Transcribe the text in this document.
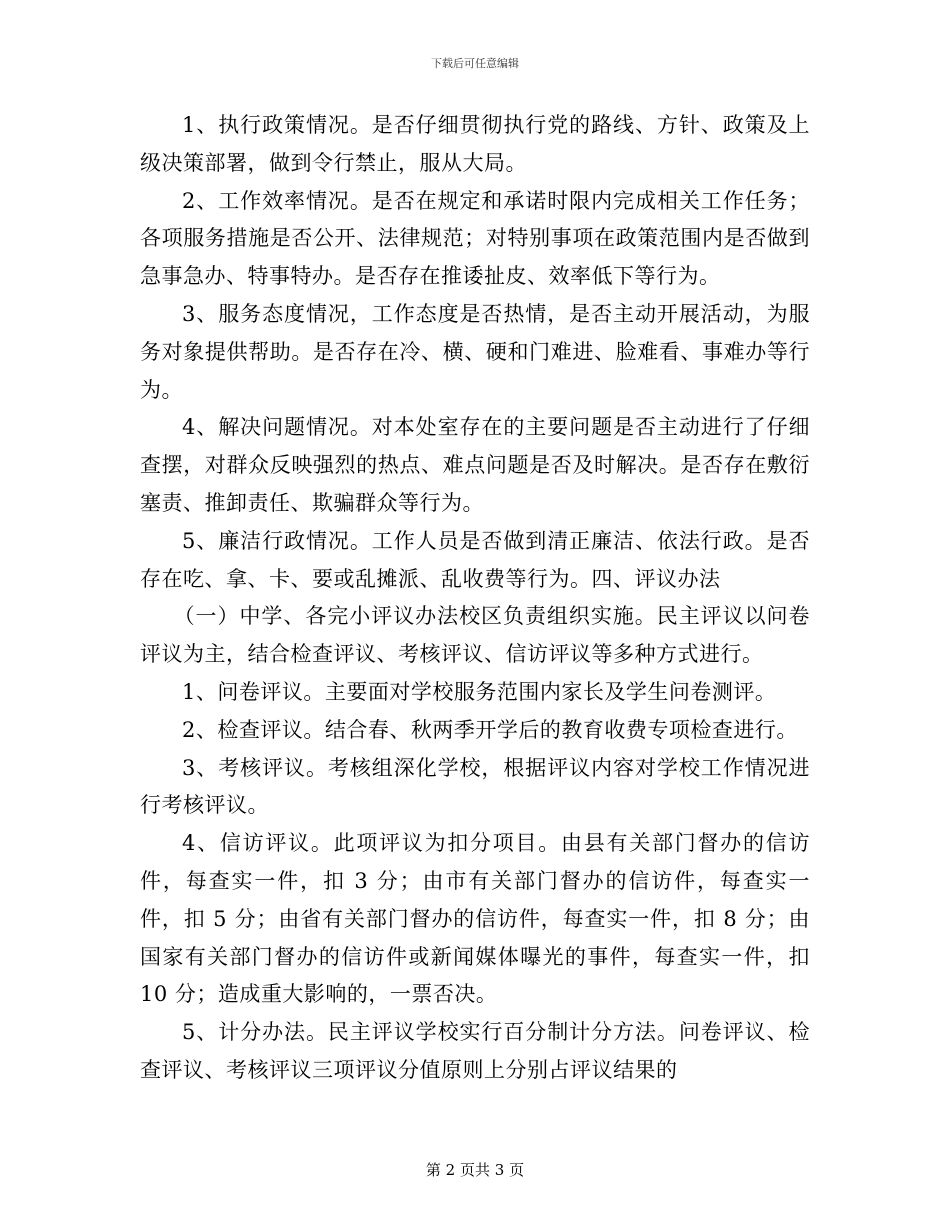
下载后可任意编辑

1、执行政策情况。是否仔细贯彻执行党的路线、方针、政策及上级决策部署，做到令行禁止，服从大局。

2、工作效率情况。是否在规定和承诺时限内完成相关工作任务；各项服务措施是否公开、法律规范；对特别事项在政策范围内是否做到急事急办、特事特办。是否存在推诿扯皮、效率低下等行为。

3、服务态度情况，工作态度是否热情，是否主动开展活动，为服务对象提供帮助。是否存在冷、横、硬和门难进、脸难看、事难办等行为。

4、解决问题情况。对本处室存在的主要问题是否主动进行了仔细查摆，对群众反映强烈的热点、难点问题是否及时解决。是否存在敷衍塞责、推卸责任、欺骗群众等行为。

5、廉洁行政情况。工作人员是否做到清正廉洁、依法行政。是否存在吃、拿、卡、要或乱摊派、乱收费等行为。四、评议办法

（一）中学、各完小评议办法校区负责组织实施。民主评议以问卷评议为主，结合检查评议、考核评议、信访评议等多种方式进行。

1、问卷评议。主要面对学校服务范围内家长及学生问卷测评。

2、检查评议。结合春、秋两季开学后的教育收费专项检查进行。

3、考核评议。考核组深化学校，根据评议内容对学校工作情况进行考核评议。

4、信访评议。此项评议为扣分项目。由县有关部门督办的信访件，每查实一件，扣 3 分；由市有关部门督办的信访件，每查实一件，扣 5 分；由省有关部门督办的信访件，每查实一件，扣 8 分；由国家有关部门督办的信访件或新闻媒体曝光的事件，每查实一件，扣 10 分；造成重大影响的，一票否决。

5、计分办法。民主评议学校实行百分制计分方法。问卷评议、检查评议、考核评议三项评议分值原则上分别占评议结果的

第 2 页共 3 页
